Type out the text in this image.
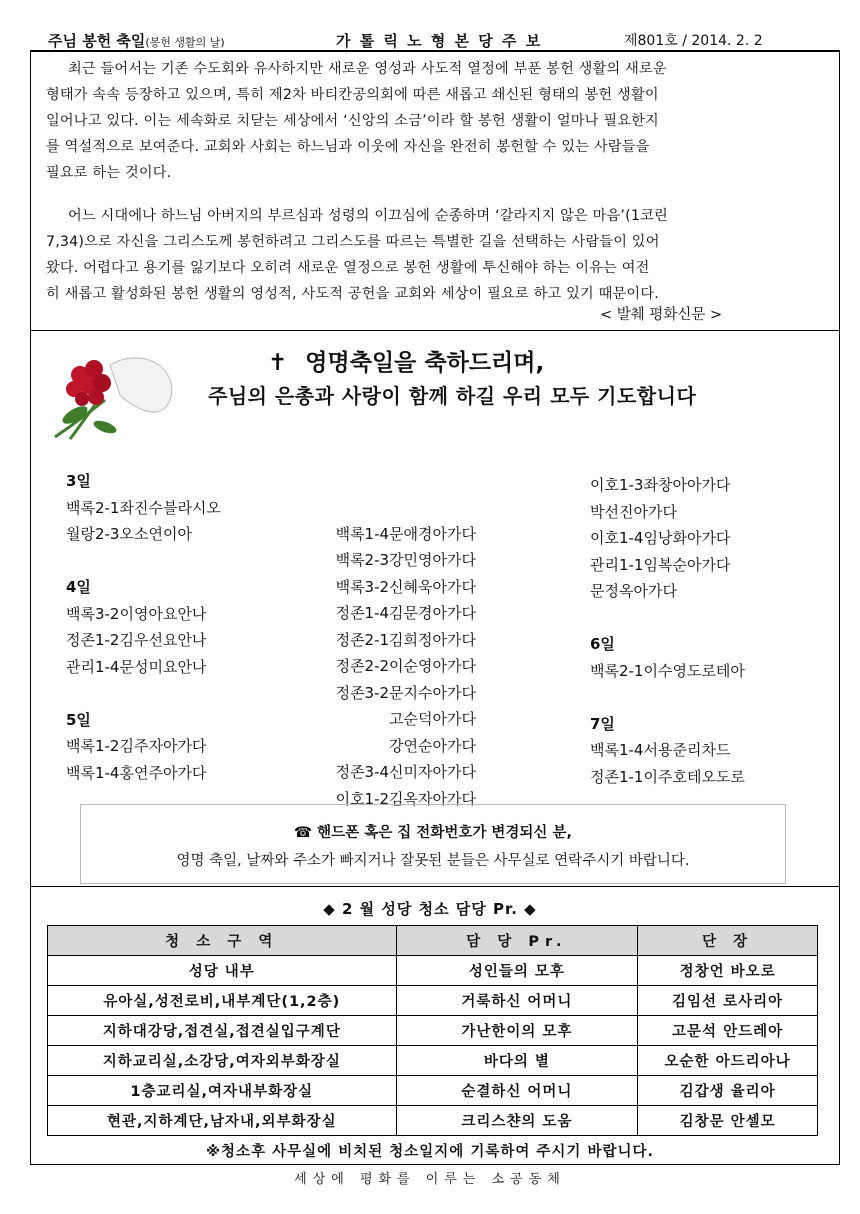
주님 봉헌 축일(봉헌 생활의 날)	가 톨 릭 노 형 본 당 주 보	제801호 / 2014. 2. 2
최근 들어서는 기존 수도회와 유사하지만 새로운 영성과 사도적 열정에 부푼 봉헌 생활의 새로운
형태가 속속 등장하고 있으며, 특히 제2차 바티칸공의회에 따른 새롭고 쇄신된 형태의 봉헌 생활이
일어나고 있다. 이는 세속화로 치닫는 세상에서 ‘신앙의 소금’이라 할 봉헌 생활이 얼마나 필요한지
를 역설적으로 보여준다. 교회와 사회는 하느님과 이웃에 자신을 완전히 봉헌할 수 있는 사람들을
필요로 하는 것이다.
어느 시대에나 하느님 아버지의 부르심과 성령의 이끄심에 순종하며 ‘갈라지지 않은 마음’(1코린
7,34)으로 자신을 그리스도께 봉헌하려고 그리스도를 따르는 특별한 길을 선택하는 사람들이 있어
왔다. 어렵다고 용기를 잃기보다 오히려 새로운 열정으로 봉헌 생활에 투신해야 하는 이유는 여전
히 새롭고 활성화된 봉헌 생활의 영성적, 사도적 공헌을 교회와 세상이 필요로 하고 있기 때문이다.
< 발췌 평화신문 >
✝ 영명축일을 축하드리며,
주님의 은총과 사랑이 함께 하길 우리 모두 기도합니다
3일
백록2-1좌진수블라시오
월랑2-3오소연이아
4일
백록3-2이영아요안나
정존1-2김우선요안나
관리1-4문성미요안나
5일
백록1-2김주자아가다
백록1-4홍연주아가다
백록1-4문애경아가다
백록2-3강민영아가다
백록3-2신혜욱아가다
정존1-4김문경아가다
정존2-1김희정아가다
정존2-2이순영아가다
정존3-2문지수아가다
고순덕아가다
강연순아가다
정존3-4신미자아가다
이호1-2김옥자아가다
이호1-3좌창아아가다
박선진아가다
이호1-4임낭화아가다
관리1-1임복순아가다
문정옥아가다
6일
백록2-1이수영도로테아
7일
백록1-4서용준리차드
정존1-1이주호테오도로
☎ 핸드폰 혹은 집 전화번호가 변경되신 분,
영명 축일, 날짜와 주소가 빠지거나 잘못된 분들은 사무실로 연락주시기 바랍니다.
◆ 2 월 성당 청소 담당 Pr. ◆
청 소 구 역	담 당 Pr.	단 장
성당 내부	성인들의 모후	정창언 바오로
유아실,성전로비,내부계단(1,2층)	거룩하신 어머니	김임선 로사리아
지하대강당,접견실,접견실입구계단	가난한이의 모후	고문석 안드레아
지하교리실,소강당,여자외부화장실	바다의 별	오순한 아드리아나
1층교리실,여자내부화장실	순결하신 어머니	김갑생 율리아
현관,지하계단,남자내,외부화장실	크리스챤의 도움	김창문 안셀모
※청소후 사무실에 비치된 청소일지에 기록하여 주시기 바랍니다.
세상에 평화를 이루는 소공동체
